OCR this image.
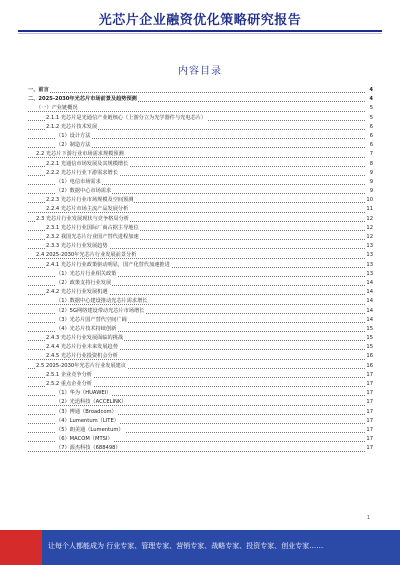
光芯片企业融资优化策略研究报告
内容目录
一、前言	4
二、2025-2030年光芯片市场前景及趋势预测	4
（一）产业链概况	5
2.1.1 光芯片是光通信产业链核心（上游分立为光学器件与光电芯片）	5
2.1.2 光芯片技术发展	6
（1）设计方法	6
（2）制造方法	6
2.2 光芯片下游行业市场需求规模预测	7
2.2.1 光通信市场发展及其规模增长	8
2.2.2 光芯片行业下游需求增长	9
（1）电信市场需求	9
（2）数据中心市场需求	9
2.2.3 光芯片行业市场规模及空间预测	10
2.2.4 光芯片市场主流产品发展分析	11
2.3 光芯片行业发展现状与竞争格局分析	12
2.3.1 光芯片行业国际厂商占据主导地位	12
2.3.2 我国光芯片行业国产替代进程加速	12
2.3.3 光芯片行业发展趋势	13
2.4 2025-2030年光芯片行业发展前景分析	13
2.4.1 光芯片行业政策驱动明显，国产化替代加速推进	13
（1）光芯片行业相关政策	13
（2）政策支持行业发展	14
2.4.2 光芯片行业发展机遇	14
（1）数据中心建设推动光芯片需求增长	14
（2）5G网络建设带动光芯片市场增长	14
（3）光芯片国产替代空间广阔	14
（4）光芯片技术持续创新	15
2.4.3 光芯片行业发展面临的挑战	15
2.4.4 光芯片行业未来发展趋势	15
2.4.5 光芯片行业投资机会分析	16
2.5 2025-2030年光芯片行业发展建议	16
2.5.1 企业竞争分析	17
2.5.2 重点企业分析	17
（1）华为（HUAWEI）	17
（2）光迅科技（ACCELINK）	17
（3）博通（Broadcom）	17
（4）Lumentum（LITE）	17
（5）朗美通（Lumentum）	17
（6）MACOM（MTSI）	17
（7）源杰科技（688498）	17
1
让每个人都能成为 行业专家、管理专家、营销专家、战略专家、投资专家、创业专家……
